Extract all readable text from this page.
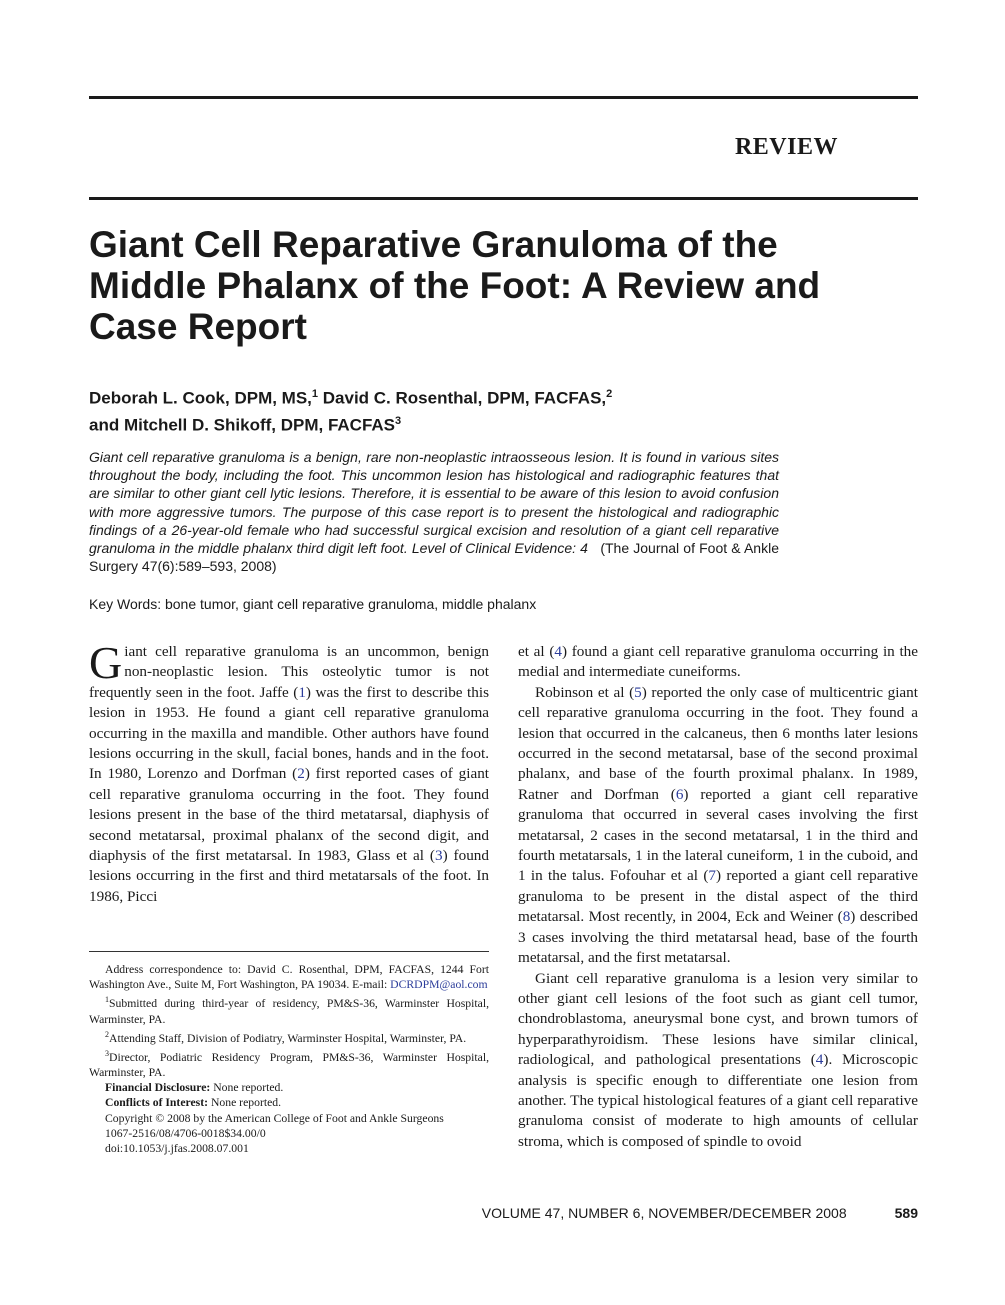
REVIEW
Giant Cell Reparative Granuloma of the Middle Phalanx of the Foot: A Review and Case Report

Deborah L. Cook, DPM, MS,$^1$ David C. Rosenthal, DPM, FACFAS,$^2$
and Mitchell D. Shikoff, DPM, FACFAS$^3$

Giant cell reparative granuloma is a benign, rare non-neoplastic intraosseous lesion. It is found in various sites throughout the body, including the foot. This uncommon lesion has histological and radiographic features that are similar to other giant cell lytic lesions. Therefore, it is essential to be aware of this lesion to avoid confusion with more aggressive tumors. The purpose of this case report is to present the histological and radiographic findings of a 26-year-old female who had successful surgical excision and resolution of a giant cell reparative granuloma in the middle phalanx third digit left foot. Level of Clinical Evidence: 4 (The Journal of Foot & Ankle Surgery 47(6):589–593, 2008)

Key Words: bone tumor, giant cell reparative granuloma, middle phalanx

Giant cell reparative granuloma is an uncommon, benign non-neoplastic lesion. This osteolytic tumor is not frequently seen in the foot. Jaffe (1) was the first to describe this lesion in 1953. He found a giant cell reparative granuloma occurring in the maxilla and mandible. Other authors have found lesions occurring in the skull, facial bones, hands and in the foot. In 1980, Lorenzo and Dorfman (2) first reported cases of giant cell reparative granuloma occurring in the foot. They found lesions present in the base of the third metatarsal, diaphysis of second metatarsal, proximal phalanx of the second digit, and diaphysis of the first metatarsal. In 1983, Glass et al (3) found lesions occurring in the first and third metatarsals of the foot. In 1986, Picci

Address correspondence to: David C. Rosenthal, DPM, FACFAS, 1244 Fort Washington Ave., Suite M, Fort Washington, PA 19034. E-mail: DCRDPM@aol.com

$^1$Submitted during third-year of residency, PM&S-36, Warminster Hospital, Warminster, PA.

$^2$Attending Staff, Division of Podiatry, Warminster Hospital, Warminster, PA.

$^3$Director, Podiatric Residency Program, PM&S-36, Warminster Hospital, Warminster, PA.

Financial Disclosure: None reported.

Conflicts of Interest: None reported.

Copyright © 2008 by the American College of Foot and Ankle Surgeons

1067-2516/08/4706-0018$34.00/0

doi:10.1053/j.jfas.2008.07.001

et al (4) found a giant cell reparative granuloma occurring in the medial and intermediate cuneiforms.

Robinson et al (5) reported the only case of multicentric giant cell reparative granuloma occurring in the foot. They found a lesion that occurred in the calcaneus, then 6 months later lesions occurred in the second metatarsal, base of the second proximal phalanx, and base of the fourth proximal phalanx. In 1989, Ratner and Dorfman (6) reported a giant cell reparative granuloma that occurred in several cases involving the first metatarsal, 2 cases in the second metatarsal, 1 in the third and fourth metatarsals, 1 in the lateral cuneiform, 1 in the cuboid, and 1 in the talus. Fofouhar et al (7) reported a giant cell reparative granuloma to be present in the distal aspect of the third metatarsal. Most recently, in 2004, Eck and Weiner (8) described 3 cases involving the third metatarsal head, base of the fourth metatarsal, and the first metatarsal.

Giant cell reparative granuloma is a lesion very similar to other giant cell lesions of the foot such as giant cell tumor, chondroblastoma, aneurysmal bone cyst, and brown tumors of hyperparathyroidism. These lesions have similar clinical, radiological, and pathological presentations (4). Microscopic analysis is specific enough to differentiate one lesion from another. The typical histological features of a giant cell reparative granuloma consist of moderate to high amounts of cellular stroma, which is composed of spindle to ovoid

VOLUME 47, NUMBER 6, NOVEMBER/DECEMBER 2008	589
